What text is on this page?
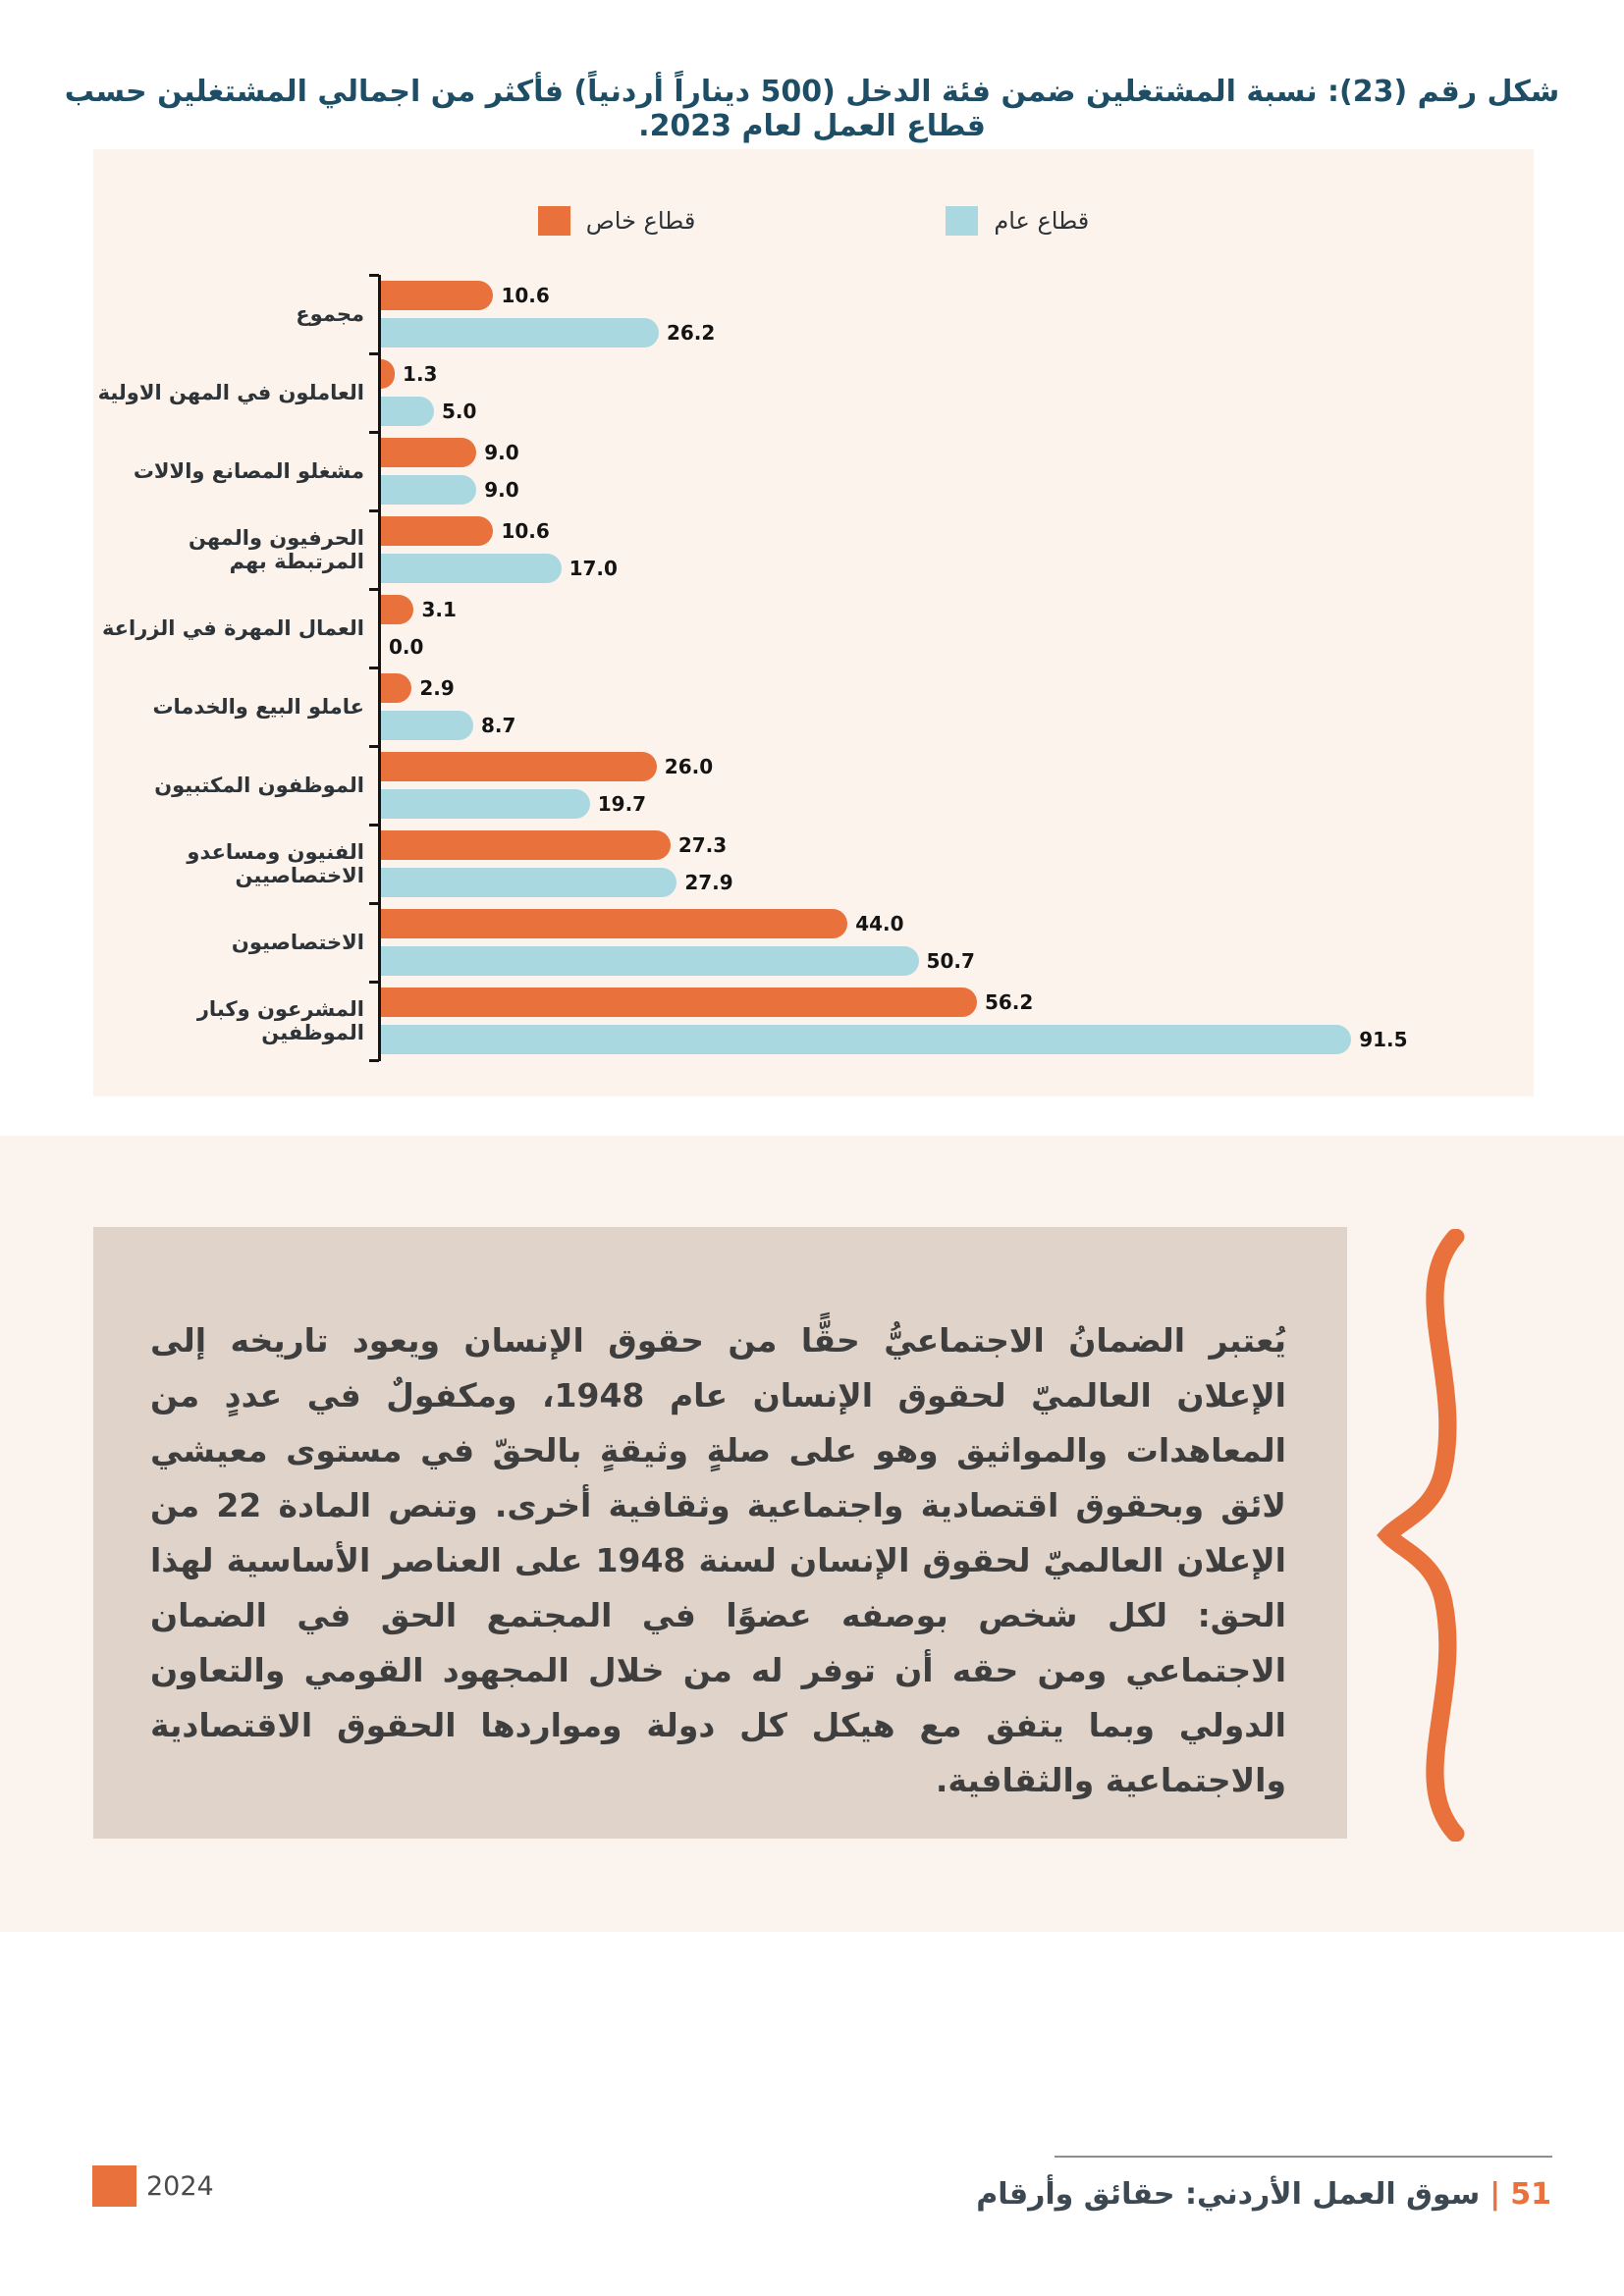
شكل رقم (23): نسبة المشتغلين ضمن فئة الدخل (500 ديناراً أردنياً) فأكثر من اجمالي المشتغلين حسب قطاع العمل لعام 2023.
قطاع خاص	قطاع عام
مجموع
10.6
26.2
العاملون في المهن الاولية
1.3
5.0
مشغلو المصانع والالات
9.0
9.0
الحرفيون والمهن المرتبطة بهم
10.6
17.0
العمال المهرة في الزراعة
3.1
0.0
عاملو البيع والخدمات
2.9
8.7
الموظفون المكتبيون
26.0
19.7
الفنيون ومساعدو الاختصاصيين
27.3
27.9
الاختصاصيون
44.0
50.7
المشرعون وكبار الموظفين
56.2
91.5
يُعتبر الضمانُ الاجتماعيُّ حقًّا من حقوق الإنسان ويعود تاريخه إلى الإعلان العالميّ لحقوق الإنسان عام 1948، ومكفولٌ في عددٍ من المعاهدات والمواثيق وهو على صلةٍ وثيقةٍ بالحقّ في مستوى معيشي لائق وبحقوق اقتصادية واجتماعية وثقافية أخرى. وتنص المادة 22 من الإعلان العالميّ لحقوق الإنسان لسنة 1948 على العناصر الأساسية لهذا الحق: لكل شخص بوصفه عضوًا في المجتمع الحق في الضمان الاجتماعي ومن حقه أن توفر له من خلال المجهود القومي والتعاون الدولي وبما يتفق مع هيكل كل دولة ومواردها الحقوق الاقتصادية والاجتماعية والثقافية.
2024	51
|
سوق العمل الأردني: حقائق وأرقام
